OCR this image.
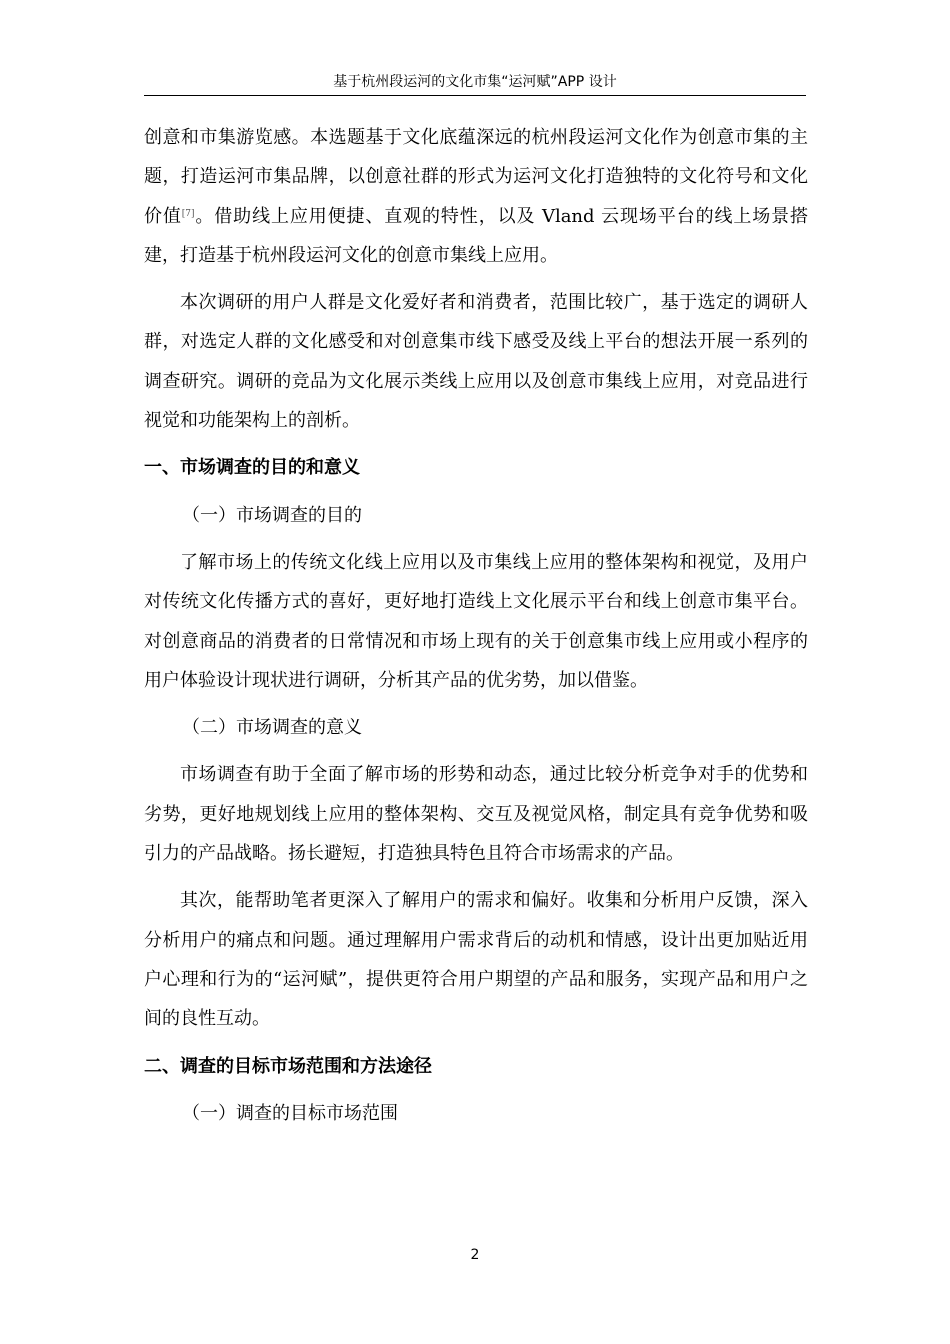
基于杭州段运河的文化市集“运河赋”APP 设计

创意和市集游览感。本选题基于文化底蕴深远的杭州段运河文化作为创意市集的主题，打造运河市集品牌，以创意社群的形式为运河文化打造独特的文化符号和文化价值[7]。借助线上应用便捷、直观的特性，以及 Vland 云现场平台的线上场景搭建，打造基于杭州段运河文化的创意市集线上应用。

本次调研的用户人群是文化爱好者和消费者，范围比较广，基于选定的调研人群，对选定人群的文化感受和对创意集市线下感受及线上平台的想法开展一系列的调查研究。调研的竞品为文化展示类线上应用以及创意市集线上应用，对竞品进行视觉和功能架构上的剖析。

一、市场调查的目的和意义

（一）市场调查的目的

了解市场上的传统文化线上应用以及市集线上应用的整体架构和视觉，及用户对传统文化传播方式的喜好，更好地打造线上文化展示平台和线上创意市集平台。对创意商品的消费者的日常情况和市场上现有的关于创意集市线上应用或小程序的用户体验设计现状进行调研，分析其产品的优劣势，加以借鉴。

（二）市场调查的意义

市场调查有助于全面了解市场的形势和动态，通过比较分析竞争对手的优势和劣势，更好地规划线上应用的整体架构、交互及视觉风格，制定具有竞争优势和吸引力的产品战略。扬长避短，打造独具特色且符合市场需求的产品。

其次，能帮助笔者更深入了解用户的需求和偏好。收集和分析用户反馈，深入分析用户的痛点和问题。通过理解用户需求背后的动机和情感，设计出更加贴近用户心理和行为的“运河赋”，提供更符合用户期望的产品和服务，实现产品和用户之间的良性互动。

二、调查的目标市场范围和方法途径

（一）调查的目标市场范围

2
